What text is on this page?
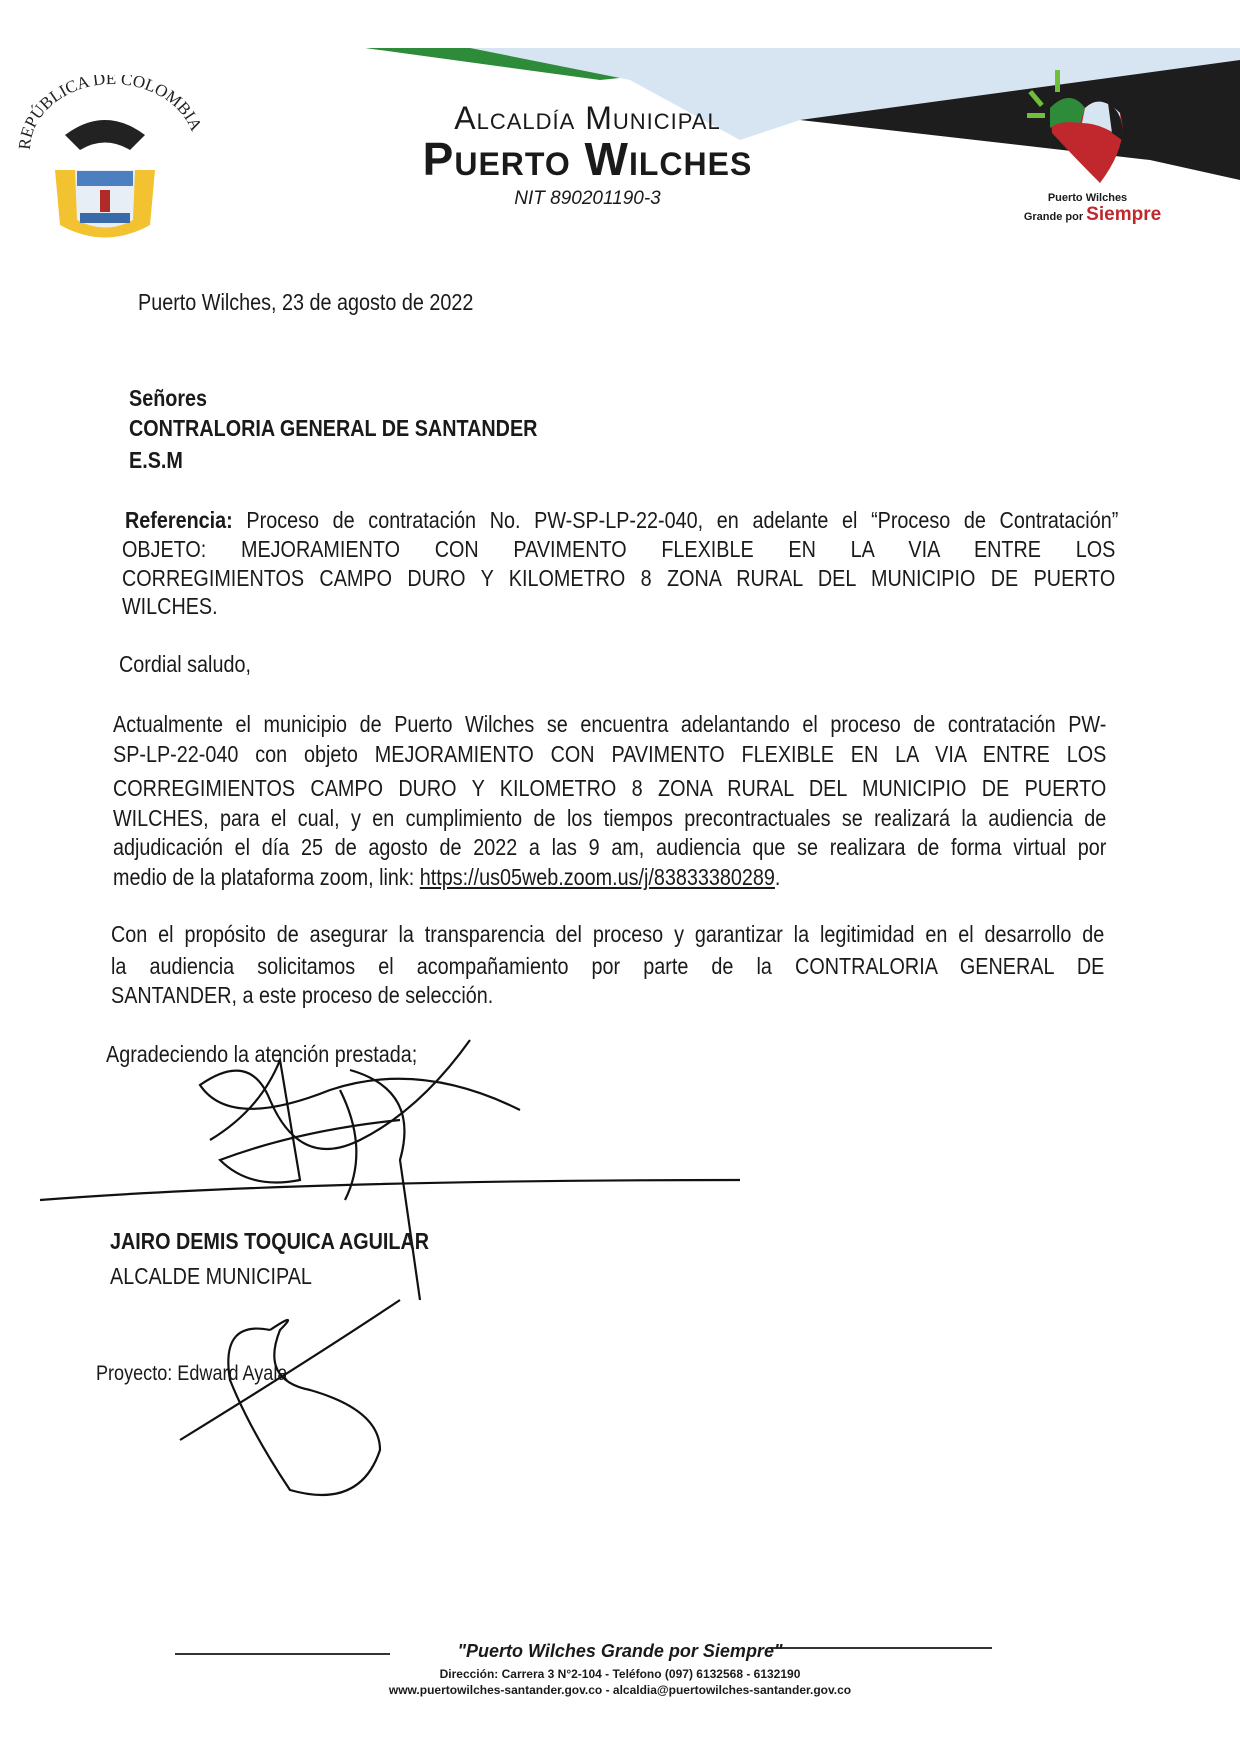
REPÚBLICA DE COLOMBIA	Alcaldía Municipal
Puerto Wilches
NIT 890201190-3	Puerto Wilches
Grande por Siempre
Puerto Wilches, 23 de agosto de 2022
Señores
CONTRALORIA GENERAL DE SANTANDER
E.S.M
Referencia: Proceso de contratación No. PW-SP-LP-22-040, en adelante el “Proceso de Contratación”
OBJETO: MEJORAMIENTO CON PAVIMENTO FLEXIBLE EN LA VIA ENTRE LOS
CORREGIMIENTOS CAMPO DURO Y KILOMETRO 8 ZONA RURAL DEL MUNICIPIO DE PUERTO
WILCHES.
Cordial saludo,
Actualmente el municipio de Puerto Wilches se encuentra adelantando el proceso de contratación PW-
SP-LP-22-040 con objeto MEJORAMIENTO CON PAVIMENTO FLEXIBLE EN LA VIA ENTRE LOS
CORREGIMIENTOS CAMPO DURO Y KILOMETRO 8 ZONA RURAL DEL MUNICIPIO DE PUERTO
WILCHES, para el cual, y en cumplimiento de los tiempos precontractuales se realizará la audiencia de
adjudicación el día 25 de agosto de 2022 a las 9 am, audiencia que se realizara de forma virtual por
medio de la plataforma zoom, link: https://us05web.zoom.us/j/83833380289.
Con el propósito de asegurar la transparencia del proceso y garantizar la legitimidad en el desarrollo de
la audiencia solicitamos el acompañamiento por parte de la CONTRALORIA GENERAL DE
SANTANDER, a este proceso de selección.
Agradeciendo la atención prestada;
JAIRO DEMIS TOQUICA AGUILAR
ALCALDE MUNICIPAL
Proyecto: Edward Ayala
"Puerto Wilches Grande por Siempre"
Dirección: Carrera 3 N°2-104 - Teléfono (097) 6132568 - 6132190
www.puertowilches-santander.gov.co - alcaldia@puertowilches-santander.gov.co
